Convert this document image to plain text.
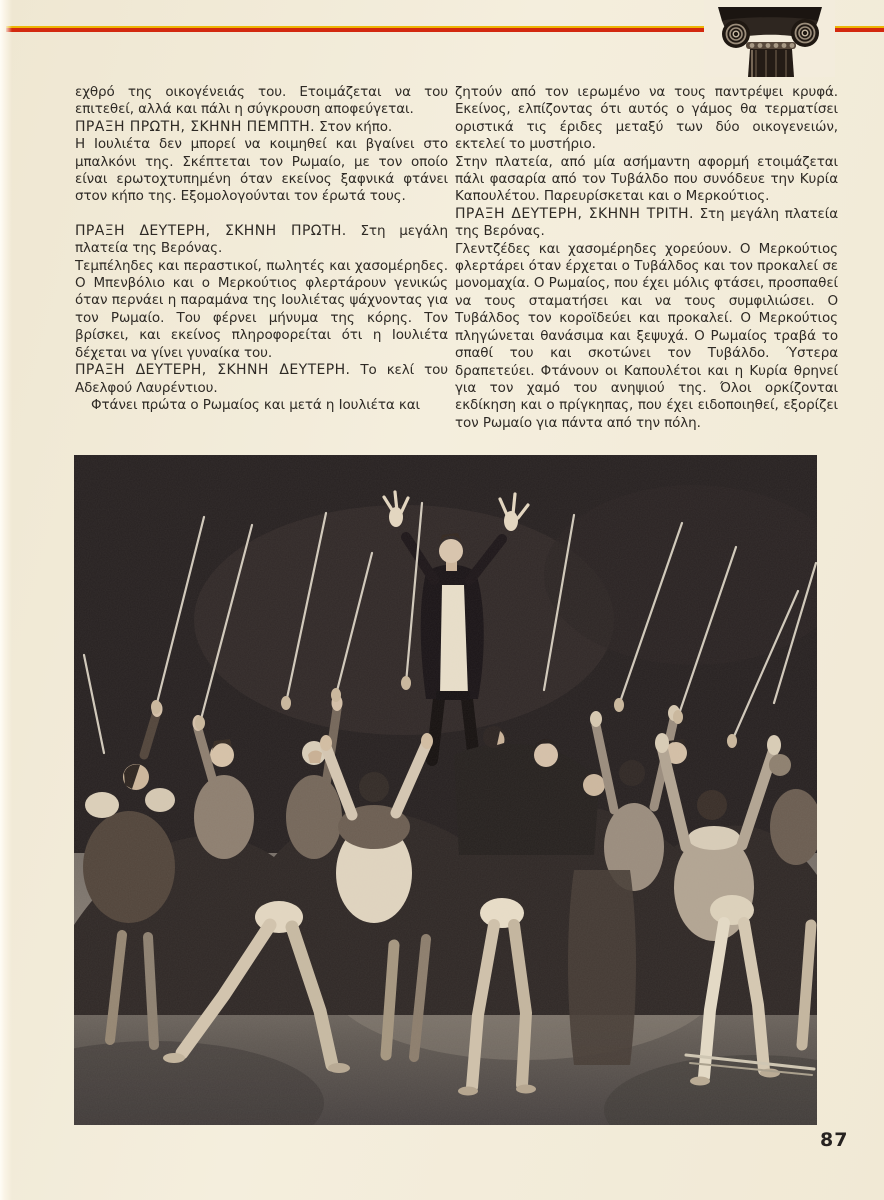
εχθρό της οικογένειάς του. Ετοιμάζεται να του επιτεθεί, αλλά και πάλι η σύγκρουση αποφεύγεται.

ΠΡΑΞΗ ΠΡΩΤΗ, ΣΚΗΝΗ ΠΕΜΠΤΗ. Στον κήπο.

Η Ιουλιέτα δεν μπορεί να κοιμηθεί και βγαίνει στο μπαλκόνι της. Σκέπτεται τον Ρωμαίο, με τον οποίο είναι ερωτοχτυπημένη όταν εκείνος ξαφνικά φτάνει στον κήπο της. Εξομολογούνται τον έρωτά τους.

ΠΡΑΞΗ ΔΕΥΤΕΡΗ, ΣΚΗΝΗ ΠΡΩΤΗ. Στη μεγάλη πλατεία της Βερόνας.

Τεμπέληδες και περαστικοί, πωλητές και χασομέρηδες. Ο Μπενβόλιο και ο Μερκούτιος φλερτάρουν γενικώς όταν περνάει η παραμάνα της Ιουλιέτας ψάχνοντας για τον Ρωμαίο. Του φέρνει μήνυμα της κόρης. Τον βρίσκει, και εκείνος πληροφορείται ότι η Ιουλιέτα δέχεται να γίνει γυναίκα του.

ΠΡΑΞΗ ΔΕΥΤΕΡΗ, ΣΚΗΝΗ ΔΕΥΤΕΡΗ. Το κελί του Αδελφού Λαυρέντιου.

Φτάνει πρώτα ο Ρωμαίος και μετά η Ιουλιέτα και

ζητούν από τον ιερωμένο να τους παντρέψει κρυφά. Εκείνος, ελπίζοντας ότι αυτός ο γάμος θα τερματίσει οριστικά τις έριδες μεταξύ των δύο οικογενειών, εκτελεί το μυστήριο.

Στην πλατεία, από μία ασήμαντη αφορμή ετοιμάζεται πάλι φασαρία από τον Τυβάλδο που συνόδευε την Κυρία Καπουλέτου. Παρευρίσκεται και ο Μερκούτιος.

ΠΡΑΞΗ ΔΕΥΤΕΡΗ, ΣΚΗΝΗ ΤΡΙΤΗ. Στη μεγάλη πλατεία της Βερόνας.

Γλεντζέδες και χασομέρηδες χορεύουν. Ο Μερκούτιος φλερτάρει όταν έρχεται ο Τυβάλδος και τον προκαλεί σε μονομαχία. Ο Ρωμαίος, που έχει μόλις φτάσει, προσπαθεί να τους σταματήσει και να τους συμφιλιώσει. Ο Τυβάλδος τον κοροϊδεύει και προκαλεί. Ο Μερκούτιος πληγώνεται θανάσιμα και ξεψυχά. Ο Ρωμαίος τραβά το σπαθί του και σκοτώνει τον Τυβάλδο. Ύστερα δραπετεύει. Φτάνουν οι Καπουλέτοι και η Κυρία θρηνεί για τον χαμό του ανηψιού της. Όλοι ορκίζονται εκδίκηση και ο πρίγκηπας, που έχει ειδοποιηθεί, εξορίζει τον Ρωμαίο για πάντα από την πόλη.

87
